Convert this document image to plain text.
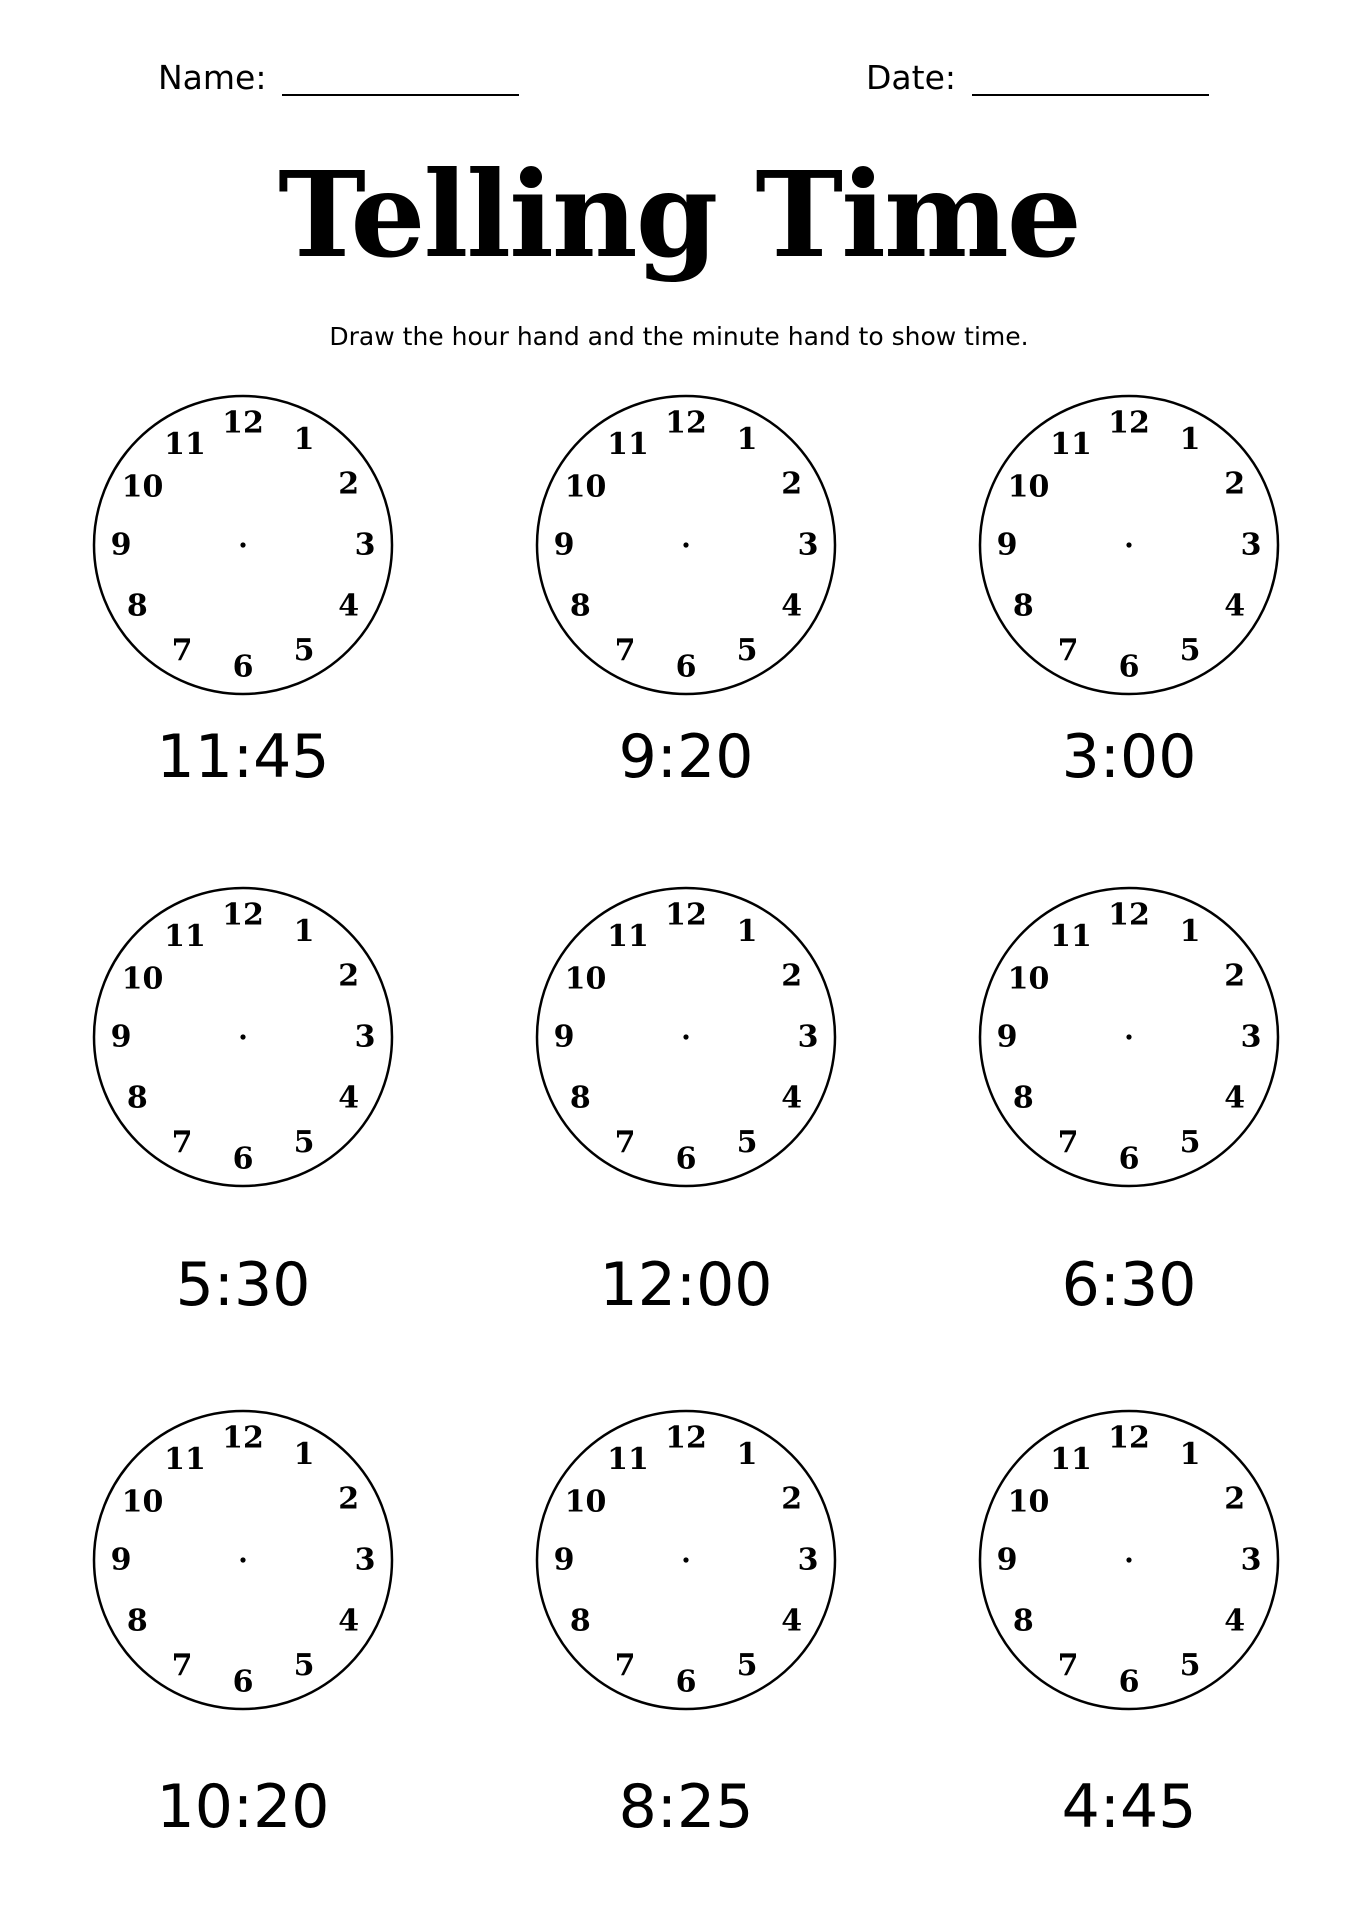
Name:	Date:
Telling Time
Draw the hour hand and the minute hand to show time.
12 1
2
3
4
5
6
7
8
9
10
11
11:45
12 1
2
3
4
5
6
7
8
9
10
11
9:20
12 1
2
3
4
5
6
7
8
9
10
11
3:00
12 1
2
3
4
5
6
7
8
9
10
11
5:30
12 1
2
3
4
5
6
7
8
9
10
11
12:00
12 1
2
3
4
5
6
7
8
9
10
11
6:30
12 1
2
3
4
5
6
7
8
9
10
11
10:20
12 1
2
3
4
5
6
7
8
9
10
11
8:25
12 1
2
3
4
5
6
7
8
9
10
11
4:45
